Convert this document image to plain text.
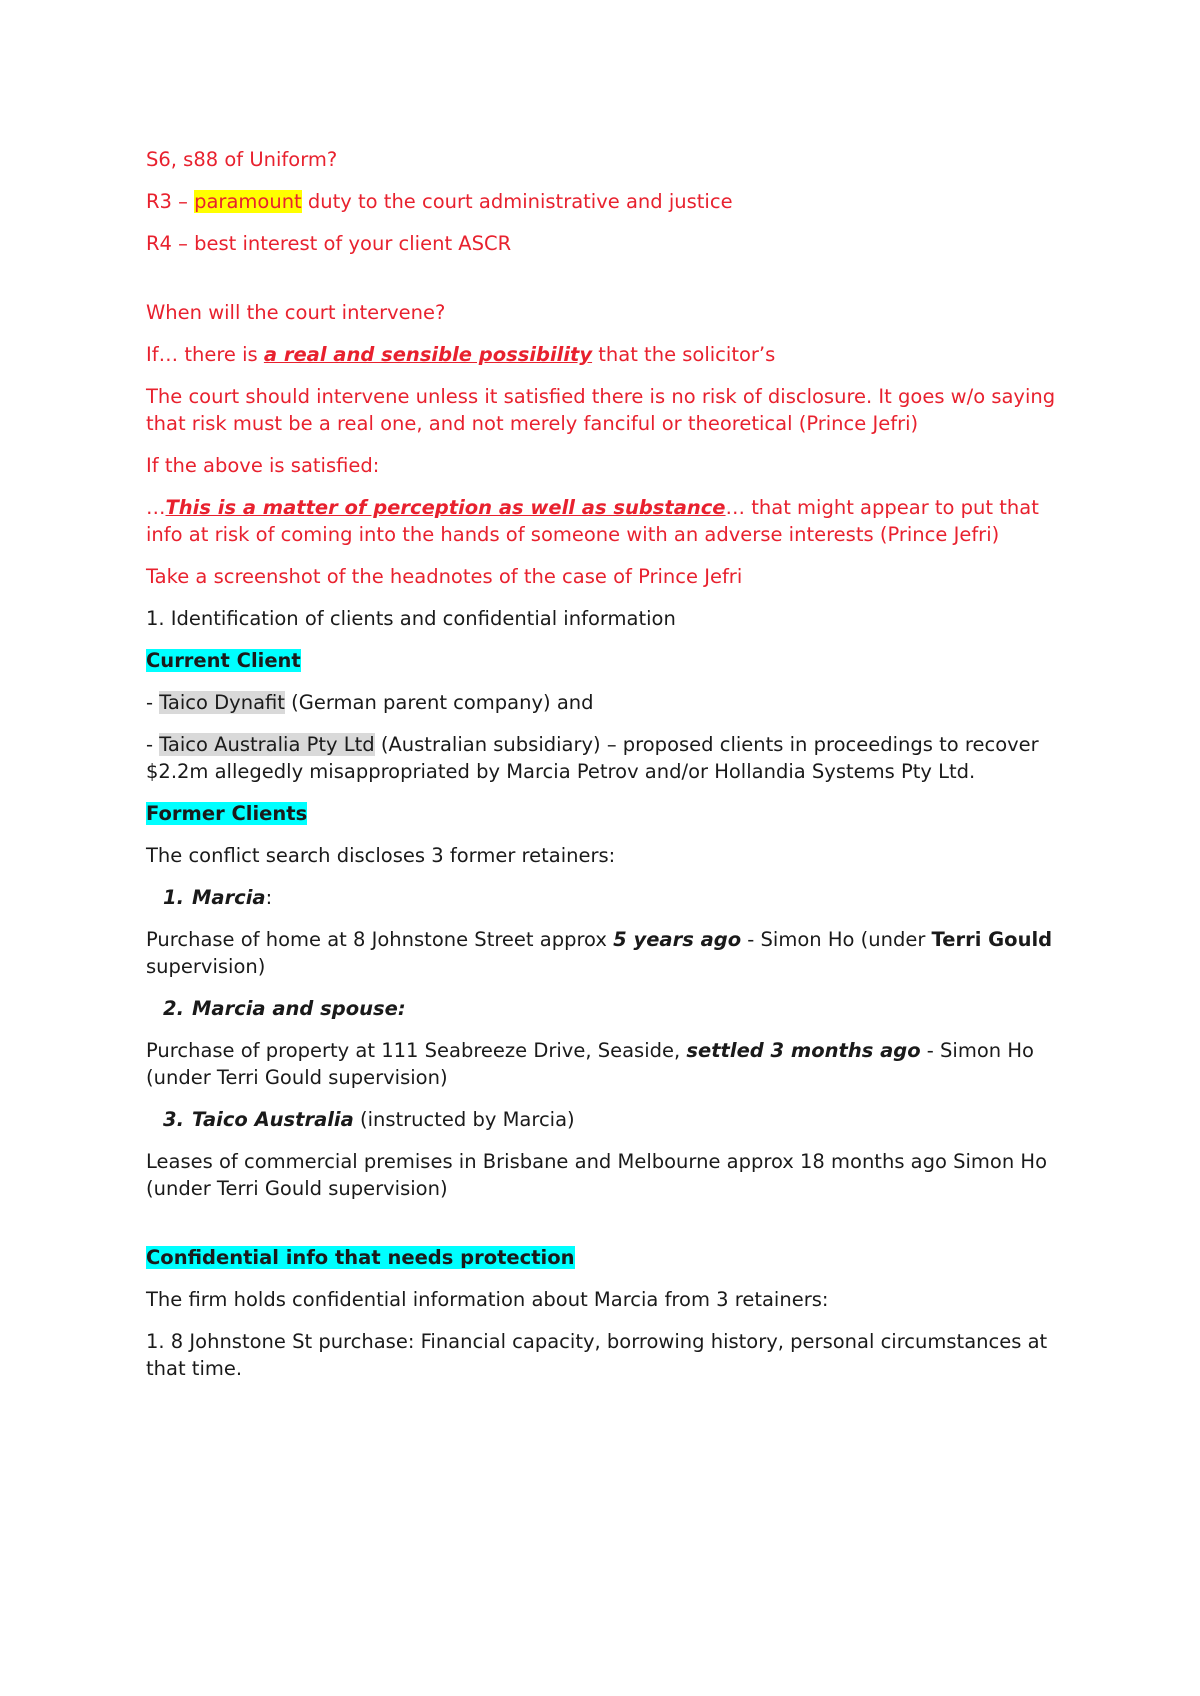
S6, s88 of Uniform?

R3 – paramount duty to the court administrative and justice

R4 – best interest of your client ASCR

When will the court intervene?

If… there is a real and sensible possibility that the solicitor’s

The court should intervene unless it satisfied there is no risk of disclosure. It goes w/o saying that risk must be a real one, and not merely fanciful or theoretical (Prince Jefri)

If the above is satisfied:

…This is a matter of perception as well as substance… that might appear to put that info at risk of coming into the hands of someone with an adverse interests (Prince Jefri)

Take a screenshot of the headnotes of the case of Prince Jefri

1. Identification of clients and confidential information

Current Client

- Taico Dynafit (German parent company) and

- Taico Australia Pty Ltd (Australian subsidiary) – proposed clients in proceedings to recover $2.2m allegedly misappropriated by Marcia Petrov and/or Hollandia Systems Pty Ltd.

Former Clients

The conflict search discloses 3 former retainers:

1. Marcia:

Purchase of home at 8 Johnstone Street approx 5 years ago - Simon Ho (under Terri Gould supervision)

2. Marcia and spouse:

Purchase of property at 111 Seabreeze Drive, Seaside, settled 3 months ago - Simon Ho (under Terri Gould supervision)

3. Taico Australia (instructed by Marcia)

Leases of commercial premises in Brisbane and Melbourne approx 18 months ago Simon Ho (under Terri Gould supervision)

Confidential info that needs protection

The firm holds confidential information about Marcia from 3 retainers:

1. 8 Johnstone St purchase: Financial capacity, borrowing history, personal circumstances at that time.
